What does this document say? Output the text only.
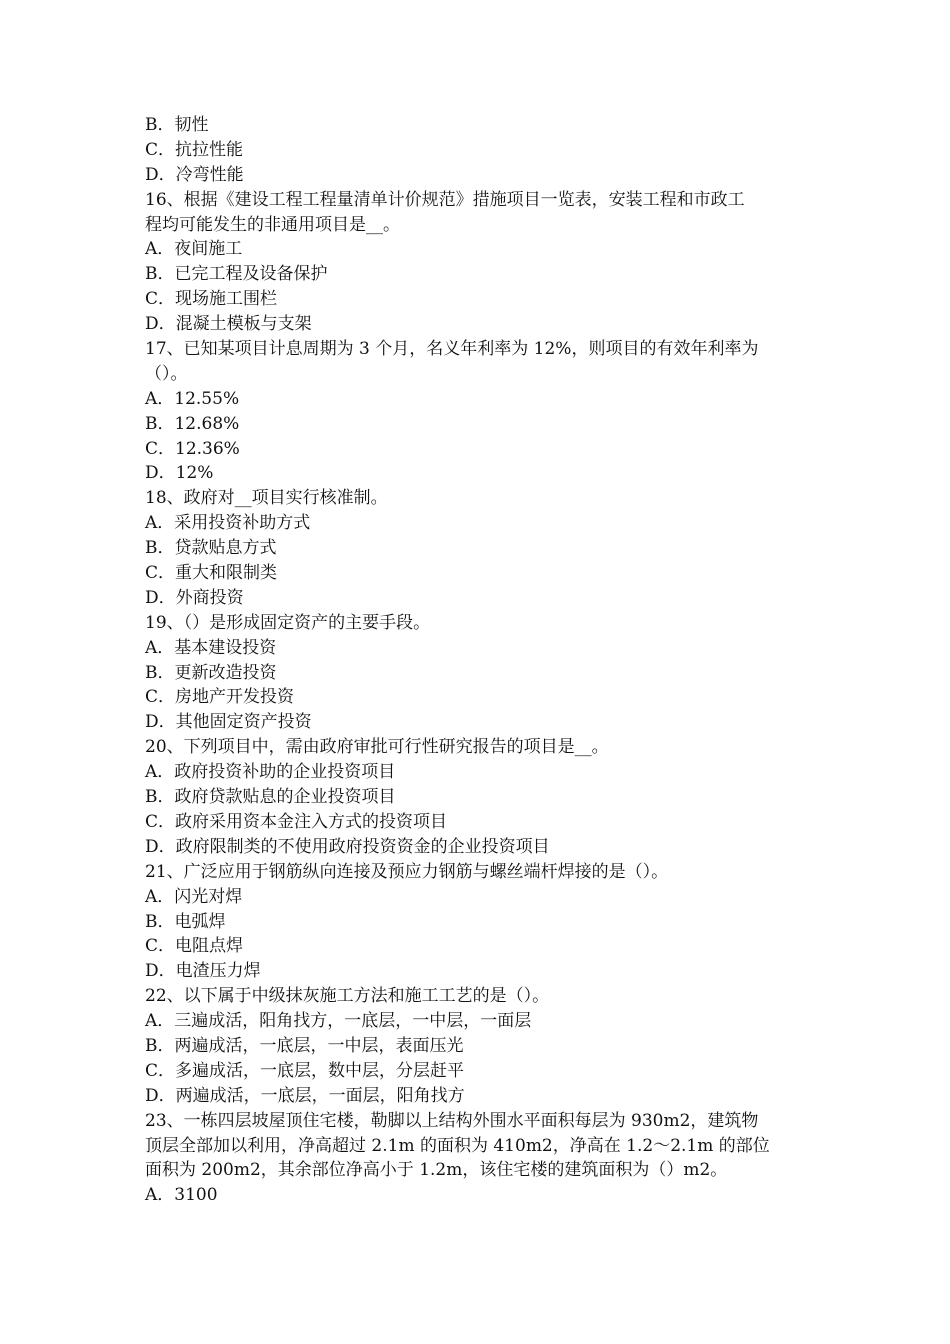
B．韧性
C．抗拉性能
D．冷弯性能
16、根据《建设工程工程量清单计价规范》措施项目一览表，安装工程和市政工
程均可能发生的非通用项目是__。
A．夜间施工
B．已完工程及设备保护
C．现场施工围栏
D．混凝土模板与支架
17、已知某项目计息周期为 3 个月，名义年利率为 12%，则项目的有效年利率为
（）。
A．12.55%
B．12.68%
C．12.36%
D．12%
18、政府对__项目实行核准制。
A．采用投资补助方式
B．贷款贴息方式
C．重大和限制类
D．外商投资
19、（）是形成固定资产的主要手段。
A．基本建设投资
B．更新改造投资
C．房地产开发投资
D．其他固定资产投资
20、下列项目中，需由政府审批可行性研究报告的项目是__。
A．政府投资补助的企业投资项目
B．政府贷款贴息的企业投资项目
C．政府采用资本金注入方式的投资项目
D．政府限制类的不使用政府投资资金的企业投资项目
21、广泛应用于钢筋纵向连接及预应力钢筋与螺丝端杆焊接的是（）。
A．闪光对焊
B．电弧焊
C．电阻点焊
D．电渣压力焊
22、以下属于中级抹灰施工方法和施工工艺的是（）。
A．三遍成活，阳角找方，一底层，一中层，一面层
B．两遍成活，一底层，一中层，表面压光
C．多遍成活，一底层，数中层，分层赶平
D．两遍成活，一底层，一面层，阳角找方
23、一栋四层坡屋顶住宅楼，勒脚以上结构外围水平面积每层为 930m2，建筑物
顶层全部加以利用，净高超过 2.1m 的面积为 410m2，净高在 1.2～2.1m 的部位
面积为 200m2，其余部位净高小于 1.2m，该住宅楼的建筑面积为（）m2。
A．3100
